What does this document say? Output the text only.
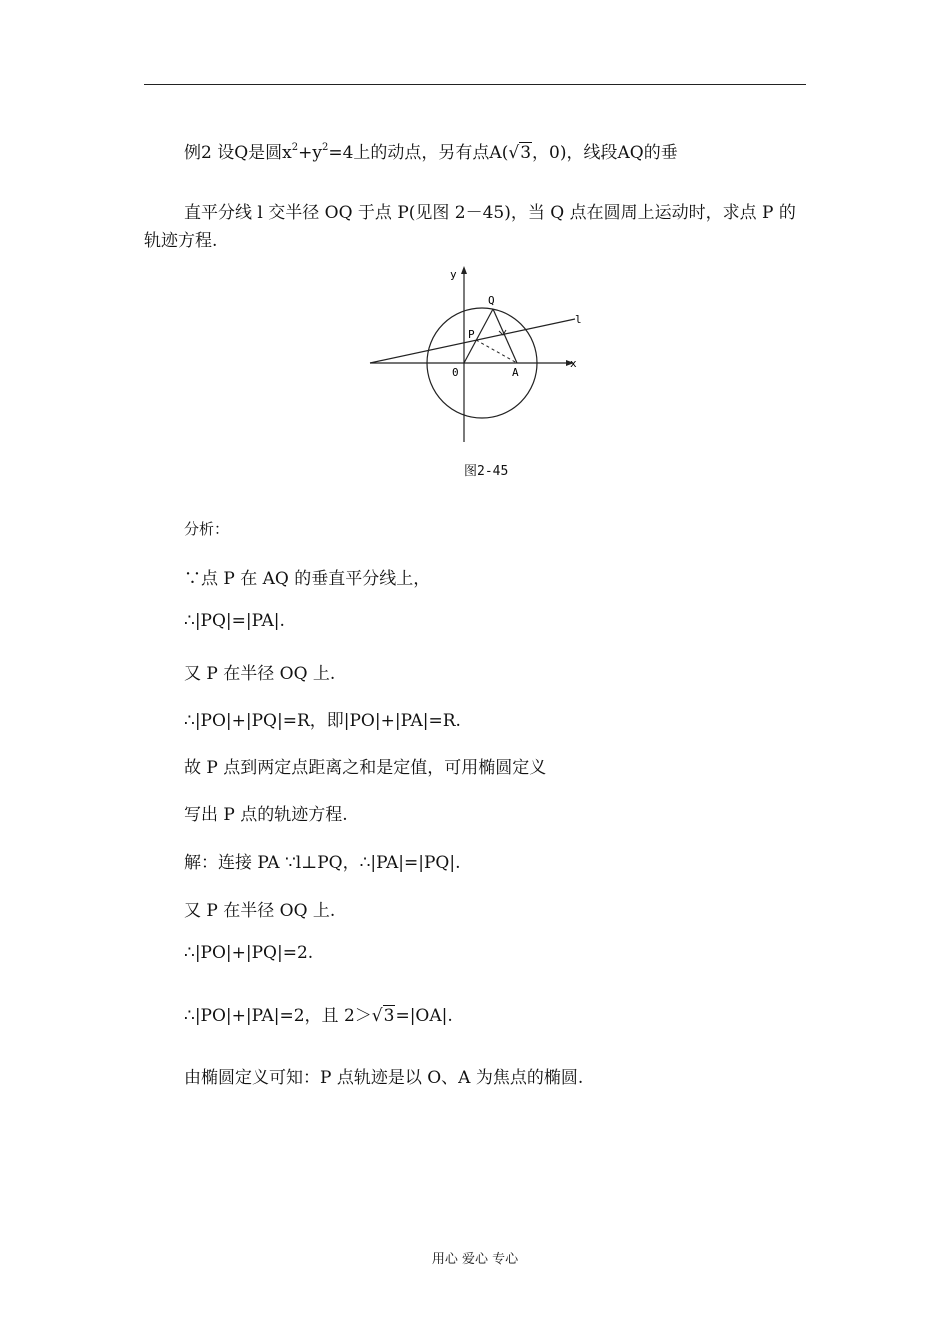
例2 设Q是圆$x^2+y^2=4$上的动点，另有点A(√3，0)，线段AQ的垂
直平分线 l 交半径 OQ 于点 P(见图 2－45)，当 Q 点在圆周上运动时，求点 P 的
轨迹方程.
y
x
0
Q
P
A
l
图2-45
分析：
∵点 P 在 AQ 的垂直平分线上，
∴|PQ|=|PA|.
又 P 在半径 OQ 上.
∴|PO|+|PQ|=R，即|PO|+|PA|=R.
故 P 点到两定点距离之和是定值，可用椭圆定义
写出 P 点的轨迹方程.
解：连接 PA ∵l⊥PQ，∴|PA|=|PQ|.
又 P 在半径 OQ 上.
∴|PO|+|PQ|=2.
∴|PO|+|PA|=2，且 2＞√3=|OA|.
由椭圆定义可知：P 点轨迹是以 O、A 为焦点的椭圆.
用心 爱心 专心
